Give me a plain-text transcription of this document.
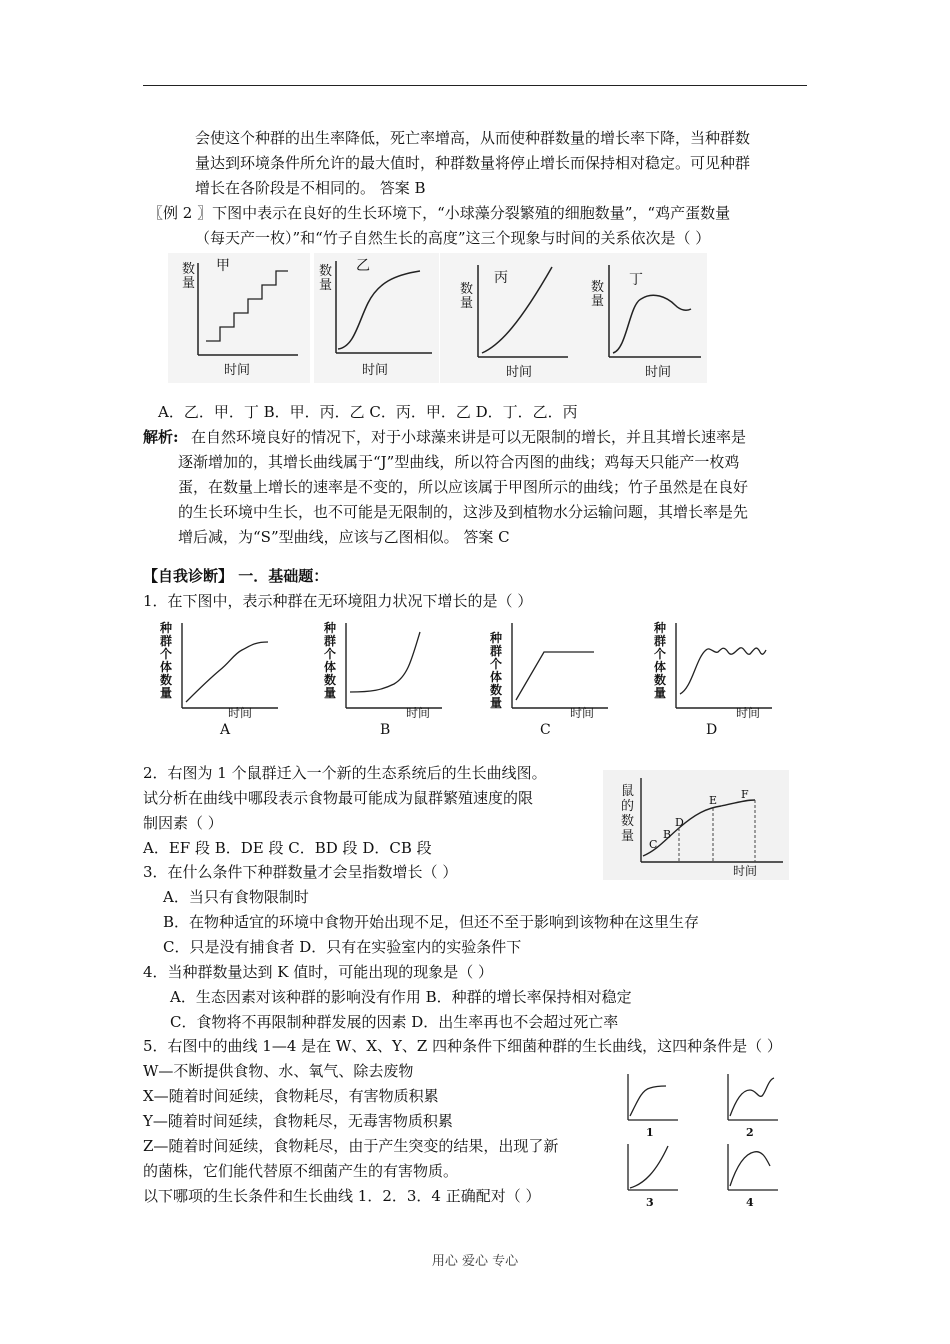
会使这个种群的出生率降低，死亡率增高，从而使种群数量的增长率下降，当种群数
量达到环境条件所允许的最大值时，种群数量将停止增长而保持相对稳定。可见种群
增长在各阶段是不相同的。 答案 B
〖例 2 〗下图中表示在良好的生长环境下，“小球藻分裂繁殖的细胞数量”，“鸡产蛋数量
（每天产一枚）”和“竹子自然生长的高度”这三个现象与时间的关系依次是（ ）
甲
数量
时间
乙
数量
时间
丙
数量
时间
丁
数量
时间
A．乙．甲．丁 B．甲．丙．乙 C．丙．甲．乙 D．丁．乙．丙
解析: 在自然环境良好的情况下，对于小球藻来讲是可以无限制的增长，并且其增长速率是
逐渐增加的，其增长曲线属于“J”型曲线，所以符合丙图的曲线；鸡每天只能产一枚鸡
蛋，在数量上增长的速率是不变的，所以应该属于甲图所示的曲线；竹子虽然是在良好
的生长环境中生长，也不可能是无限制的，这涉及到植物水分运输问题，其增长率是先
增后减，为“S”型曲线，应该与乙图相似。 答案 C
【自我诊断】 一．基础题：
1．在下图中，表示种群在无环境阻力状况下增长的是（ ）
种群个体数量
时间
A
种群个体数量
时间
B
种群个体数量
时间
C
种群个体数量
时间
D
2．右图为 1 个鼠群迁入一个新的生态系统后的生长曲线图。
试分析在曲线中哪段表示食物最可能成为鼠群繁殖速度的限
制因素（ ）
A．EF 段 B．DE 段 C．BD 段 D．CB 段
鼠的数量
时间
B
C
D
E F
3．在什么条件下种群数量才会呈指数增长（ ）
A．当只有食物限制时
B．在物种适宜的环境中食物开始出现不足，但还不至于影响到该物种在这里生存
C．只是没有捕食者 D．只有在实验室内的实验条件下
4．当种群数量达到 K 值时，可能出现的现象是（ ）
A．生态因素对该种群的影响没有作用 B．种群的增长率保持相对稳定
C．食物将不再限制种群发展的因素 D．出生率再也不会超过死亡率
5．右图中的曲线 1—4 是在 W、X、Y、Z 四种条件下细菌种群的生长曲线，这四种条件是（ ）
W—不断提供食物、水、氧气、除去废物
X—随着时间延续，食物耗尽，有害物质积累
Y—随着时间延续，食物耗尽，无毒害物质积累
Z—随着时间延续，食物耗尽，由于产生突变的结果，出现了新
的菌株，它们能代替原不细菌产生的有害物质。
以下哪项的生长条件和生长曲线 1．2．3．4 正确配对（ ）
1	2
3	4
用心 爱心 专心
